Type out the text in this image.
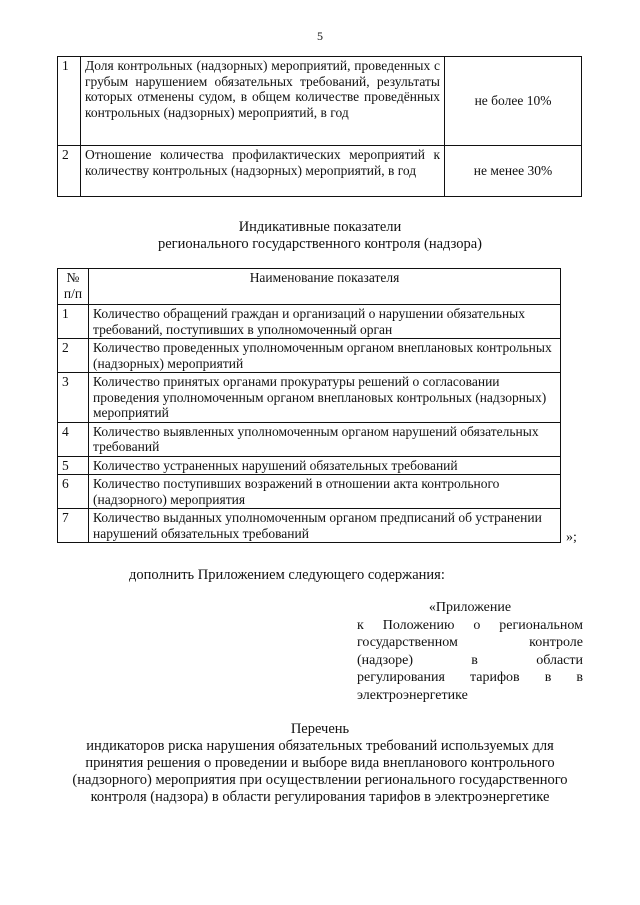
5
1	Доля контрольных (надзорных) мероприятий, проведенных с грубым нарушением обязательных требований, результаты которых отменены судом, в общем количестве проведённых контрольных (надзорных) мероприятий, в год	не более 10%
2	Отношение количества профилактических мероприятий к количеству контрольных (надзорных) мероприятий, в год	не менее 30%
Индикативные показатели
регионального государственного контроля (надзора)
№ п/п	Наименование показателя
1	Количество обращений граждан и организаций о нарушении обязательных требований, поступивших в уполномоченный орган
2	Количество проведенных уполномоченным органом внеплановых контрольных (надзорных) мероприятий
3	Количество принятых органами прокуратуры решений о согласовании проведения уполномоченным органом внеплановых контрольных (надзорных) мероприятий
4	Количество выявленных уполномоченным органом нарушений обязательных требований
5	Количество устраненных нарушений обязательных требований
6	Количество поступивших возражений в отношении акта контрольного (надзорного) мероприятия
7	Количество выданных уполномоченным органом предписаний об устранении нарушений обязательных требований	»;
дополнить Приложением следующего содержания:
«Приложение
к Положению о региональном
государственном	контроле
(надзоре)	в	области
регулирования тарифов в в
электроэнергетике
Перечень
индикаторов риска нарушения обязательных требований используемых для
принятия решения о проведении и выборе вида внепланового контрольного
(надзорного) мероприятия при осуществлении регионального государственного
контроля (надзора) в области регулирования тарифов в электроэнергетике
